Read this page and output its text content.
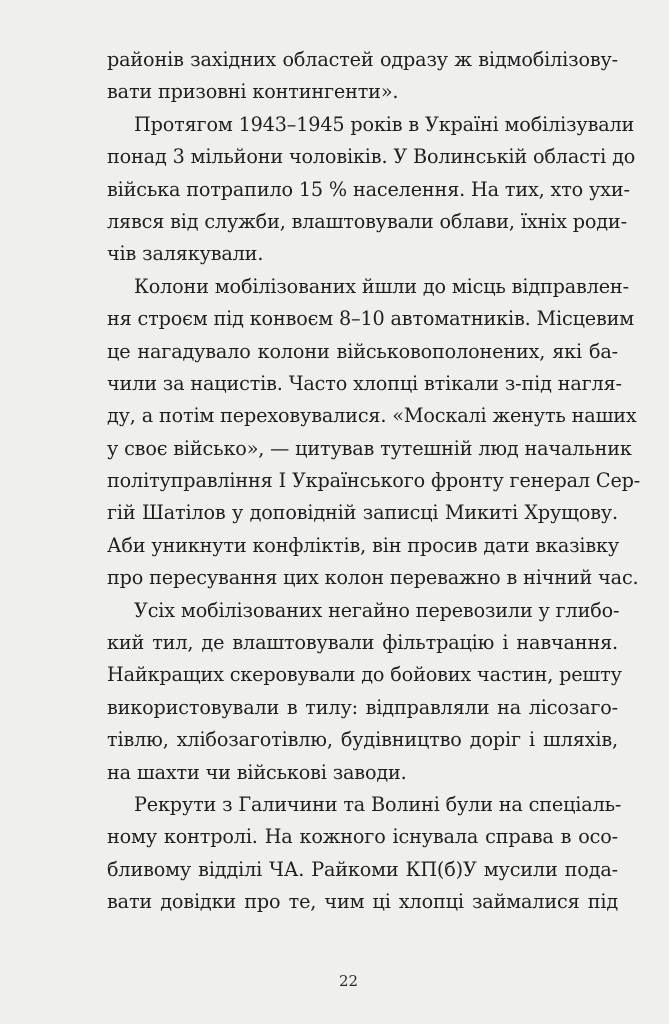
районів західних областей одразу ж відмобілізову-
вати призовні контингенти».

Протягом 1943–1945 років в Україні мобілізували
понад 3 мільйони чоловіків. У Волинській області до
війська потрапило 15 % населення. На тих, хто ухи-
лявся від служби, влаштовували облави, їхніх роди-
чів залякували.

Колони мобілізованих йшли до місць відправлен-
ня строєм під конвоєм 8–10 автоматників. Місцевим
це нагадувало колони військовополонених, які ба-
чили за нацистів. Часто хлопці втікали з-під нагля-
ду, а потім переховувалися. «Москалі женуть наших
у своє військо», — цитував тутешній люд начальник
політуправління І Українського фронту генерал Сер-
гій Шатілов у доповідній записці Микиті Хрущову.
Аби уникнути конфліктів, він просив дати вказівку
про пересування цих колон переважно в нічний час.

Усіх мобілізованих негайно перевозили у глибо-
кий тил, де влаштовували фільтрацію і навчання.
Найкращих скеровували до бойових частин, решту
використовували в тилу: відправляли на лісозаго-
тівлю, хлібозаготівлю, будівництво доріг і шляхів,
на шахти чи військові заводи.

Рекрути з Галичини та Волині були на спеціаль-
ному контролі. На кожного існувала справа в осо-
бливому відділі ЧА. Райкоми КП(б)У мусили пода-
вати довідки про те, чим ці хлопці займалися під

22
